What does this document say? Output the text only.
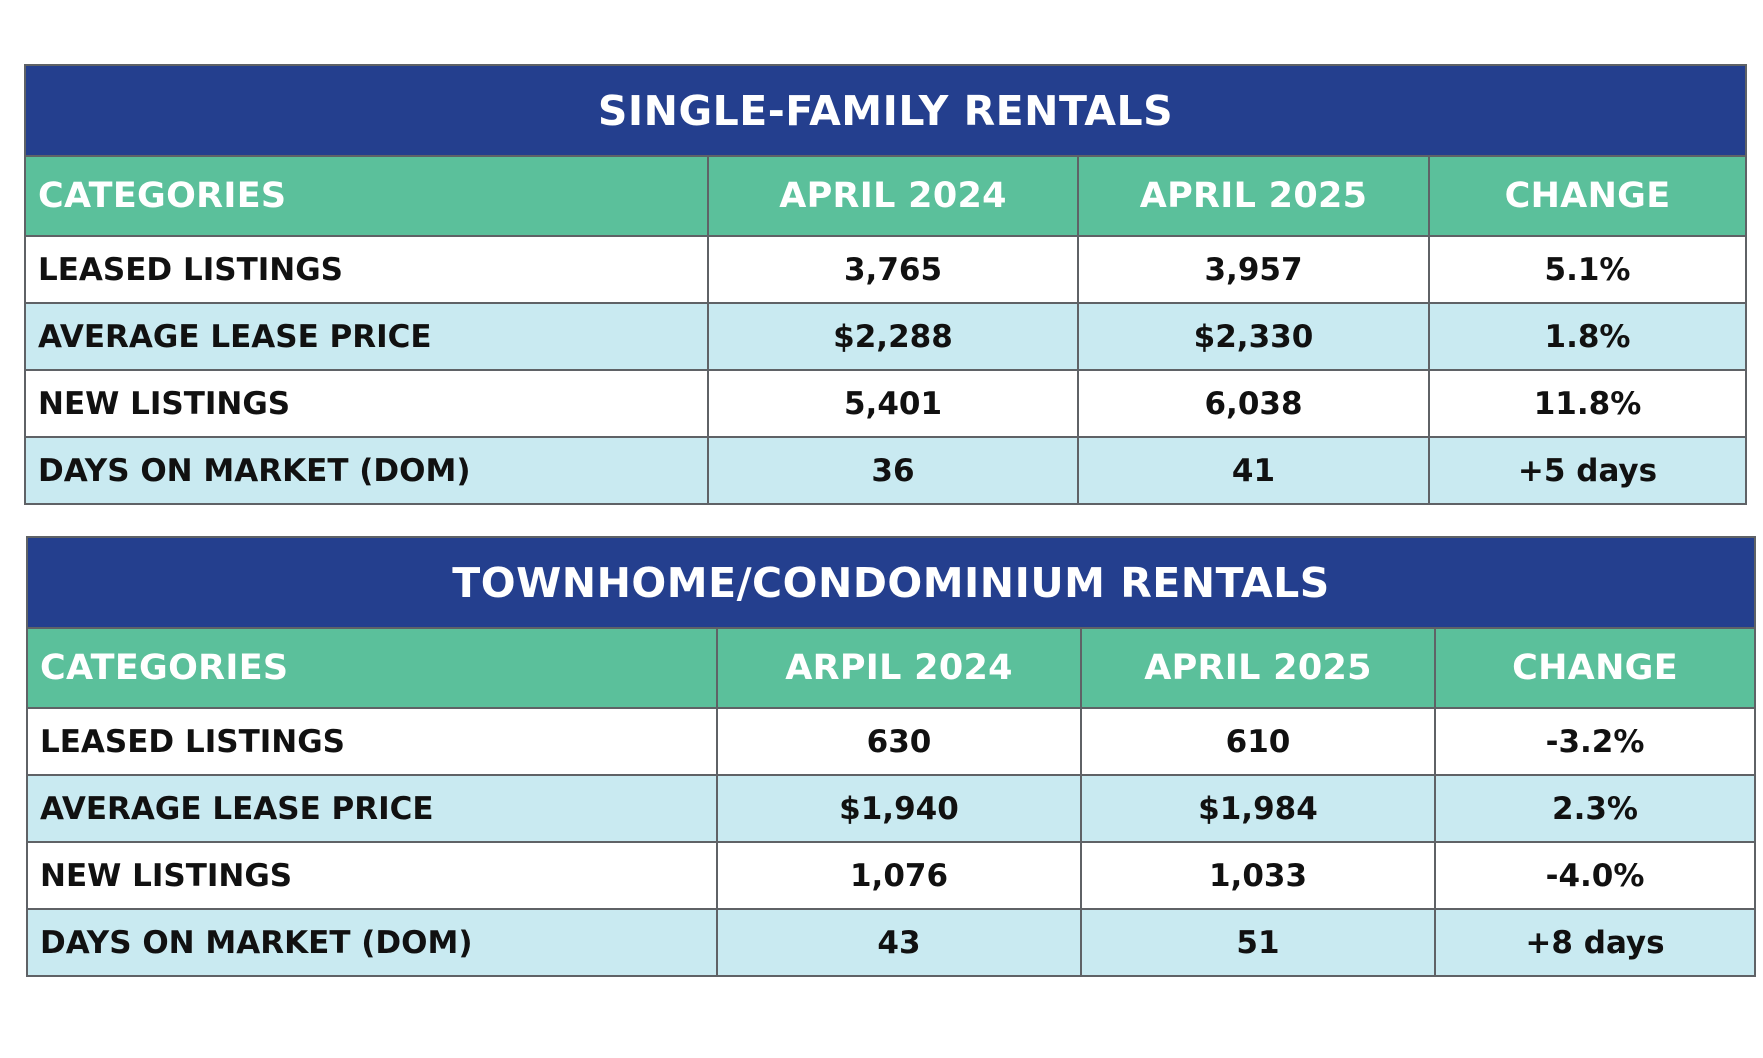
SINGLE-FAMILY RENTALS			
CATEGORIES	APRIL 2024	APRIL 2025	CHANGE
LEASED LISTINGS	3,765	3,957	5.1%
AVERAGE LEASE PRICE	$2,288	$2,330	1.8%
NEW LISTINGS	5,401	6,038	11.8%
DAYS ON MARKET (DOM)	36	41	+5 days
TOWNHOME/CONDOMINIUM RENTALS			
CATEGORIES	ARPIL 2024	APRIL 2025	CHANGE
LEASED LISTINGS	630	610	-3.2%
AVERAGE LEASE PRICE	$1,940	$1,984	2.3%
NEW LISTINGS	1,076	1,033	-4.0%
DAYS ON MARKET (DOM)	43	51	+8 days
